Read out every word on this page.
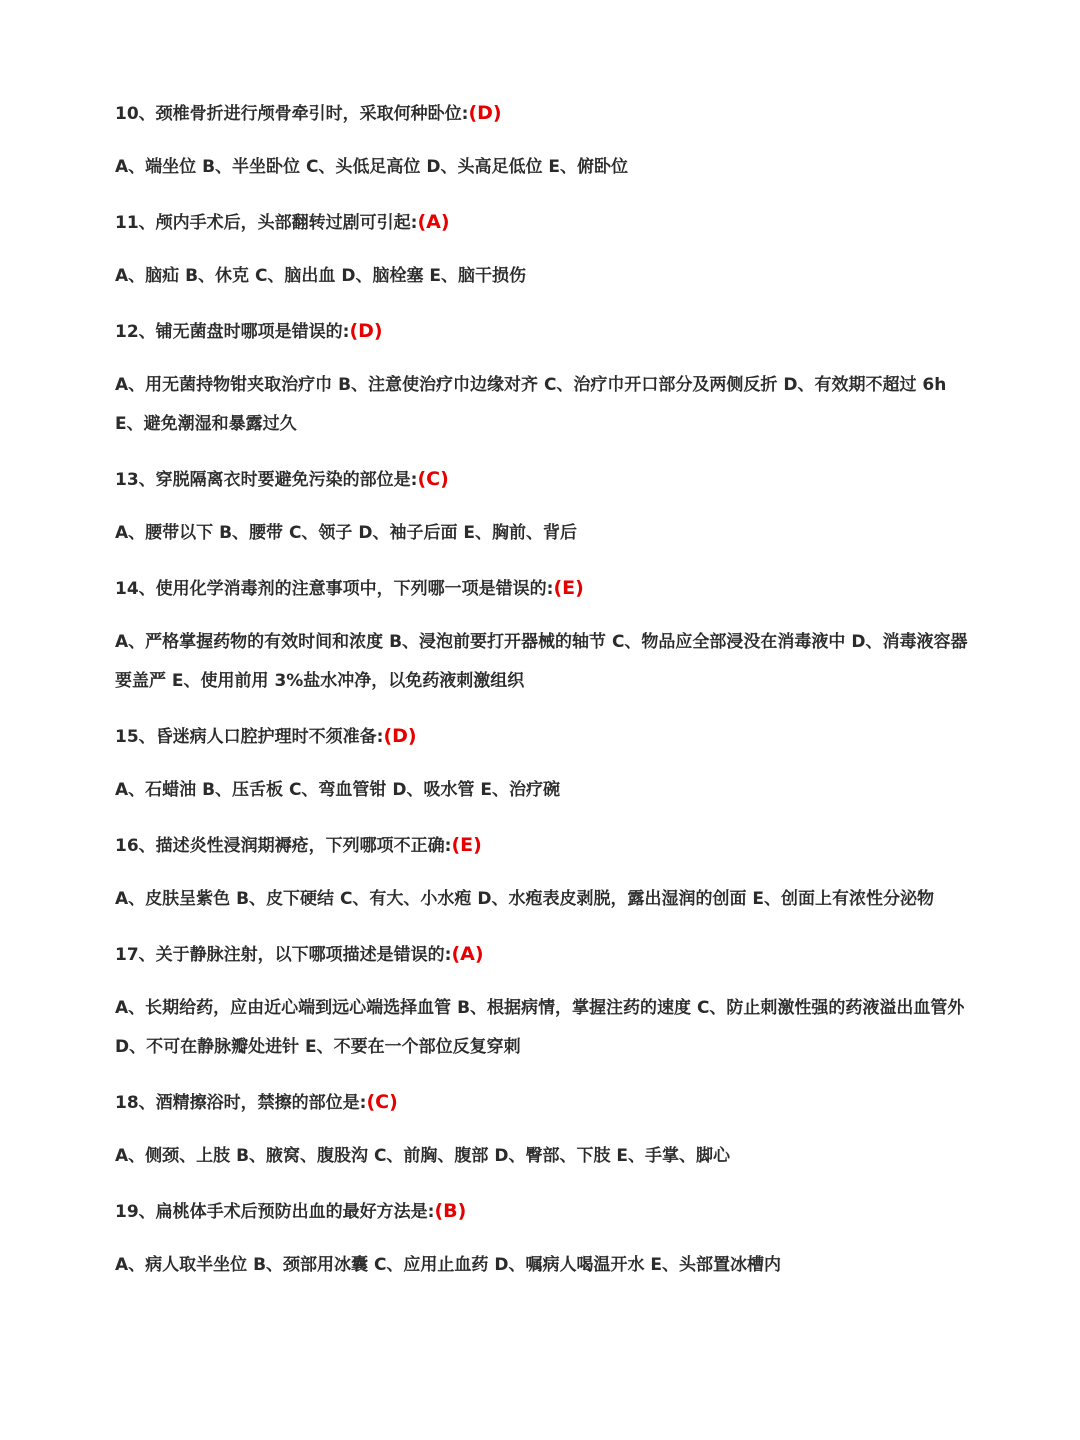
10、颈椎骨折进行颅骨牵引时，采取何种卧位:(D)

A、端坐位 B、半坐卧位 C、头低足高位 D、头高足低位 E、俯卧位

11、颅内手术后，头部翻转过剧可引起:(A)

A、脑疝 B、休克 C、脑出血 D、脑栓塞 E、脑干损伤

12、铺无菌盘时哪项是错误的:(D)

A、用无菌持物钳夹取治疗巾 B、注意使治疗巾边缘对齐 C、治疗巾开口部分及两侧反折 D、有效期不超过 6h E、避免潮湿和暴露过久

13、穿脱隔离衣时要避免污染的部位是:(C)

A、腰带以下 B、腰带 C、领子 D、袖子后面 E、胸前、背后

14、使用化学消毒剂的注意事项中，下列哪一项是错误的:(E)

A、严格掌握药物的有效时间和浓度 B、浸泡前要打开器械的轴节 C、物品应全部浸没在消毒液中 D、消毒液容器要盖严 E、使用前用 3%盐水冲净，以免药液刺激组织

15、昏迷病人口腔护理时不须准备:(D)

A、石蜡油 B、压舌板 C、弯血管钳 D、吸水管 E、治疗碗

16、描述炎性浸润期褥疮，下列哪项不正确:(E)

A、皮肤呈紫色 B、皮下硬结 C、有大、小水疱 D、水疱表皮剥脱，露出湿润的创面 E、创面上有浓性分泌物

17、关于静脉注射，以下哪项描述是错误的:(A)

A、长期给药，应由近心端到远心端选择血管 B、根据病情，掌握注药的速度 C、防止刺激性强的药液溢出血管外 D、不可在静脉瓣处进针 E、不要在一个部位反复穿刺

18、酒精擦浴时，禁擦的部位是:(C)

A、侧颈、上肢 B、腋窝、腹股沟 C、前胸、腹部 D、臀部、下肢 E、手掌、脚心

19、扁桃体手术后预防出血的最好方法是:(B)

A、病人取半坐位 B、颈部用冰囊 C、应用止血药 D、嘱病人喝温开水 E、头部置冰槽内
